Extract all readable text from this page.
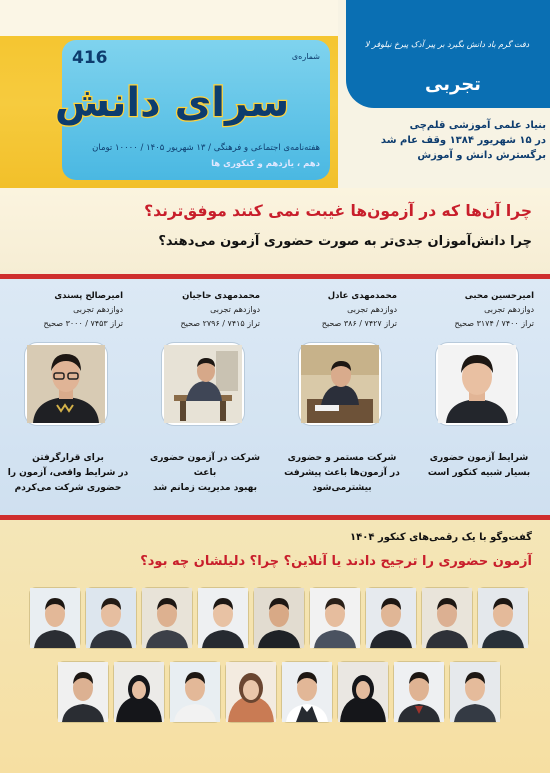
شماره‌ی
416
سرای دانش
هفته‌نامه‌ی اجتماعی و فرهنگی / ۱۳ شهریور ۱۴۰۵ / ۱۰۰۰۰ تومان
دهم ، یازدهم و کنکوری ها
دفت گرم باد دانش بگیرد بر پیر آدک پیرخ نیلوفر لا
تجربی
بنیاد علمی آموزشی قلم‌چی
در ۱۵ شهریور ۱۳۸۴ وقف عام شد
برگسترش دانش و آموزش
چرا آن‌ها که در آزمون‌ها غیبت نمی کنند موفق‌ترند؟
چرا دانش‌آموزان جدی‌تر به صورت حضوری آزمون می‌دهند؟
امیرحسین محبی
دوازدهم تجربی
تراز ۷۴۰۰ / ۳۱۷۴ صحیح
شرایط آزمون حضوری
بسیار شبیه کنکور است
محمدمهدی عادل
دوازدهم تجربی
تراز ۷۴۲۷ / ۳۸۶ صحیح
شرکت مستمر و حضوری
در آزمون‌ها باعث پیشرفت
بیشترمی‌شود
محمدمهدی حاجیان
دوازدهم تجربی
تراز ۷۴۱۵ / ۲۷۹۶ صحیح
شرکت در آزمون حضوری باعث
بهبود مدیریت زمانم شد
امیرصالح پسندی
دوازدهم تجربی
تراز ۷۴۵۳ / ۳۰۰۰ صحیح
برای قرارگرفتن
در شرایط واقعی، آزمون را
حضوری شرکت می‌کردم
گفت‌وگو با یک رقمی‌های کنکور ۱۴۰۴
آزمون حضوری را ترجیح دادند یا آنلاین؟ چرا؟ دلیلشان چه بود؟
